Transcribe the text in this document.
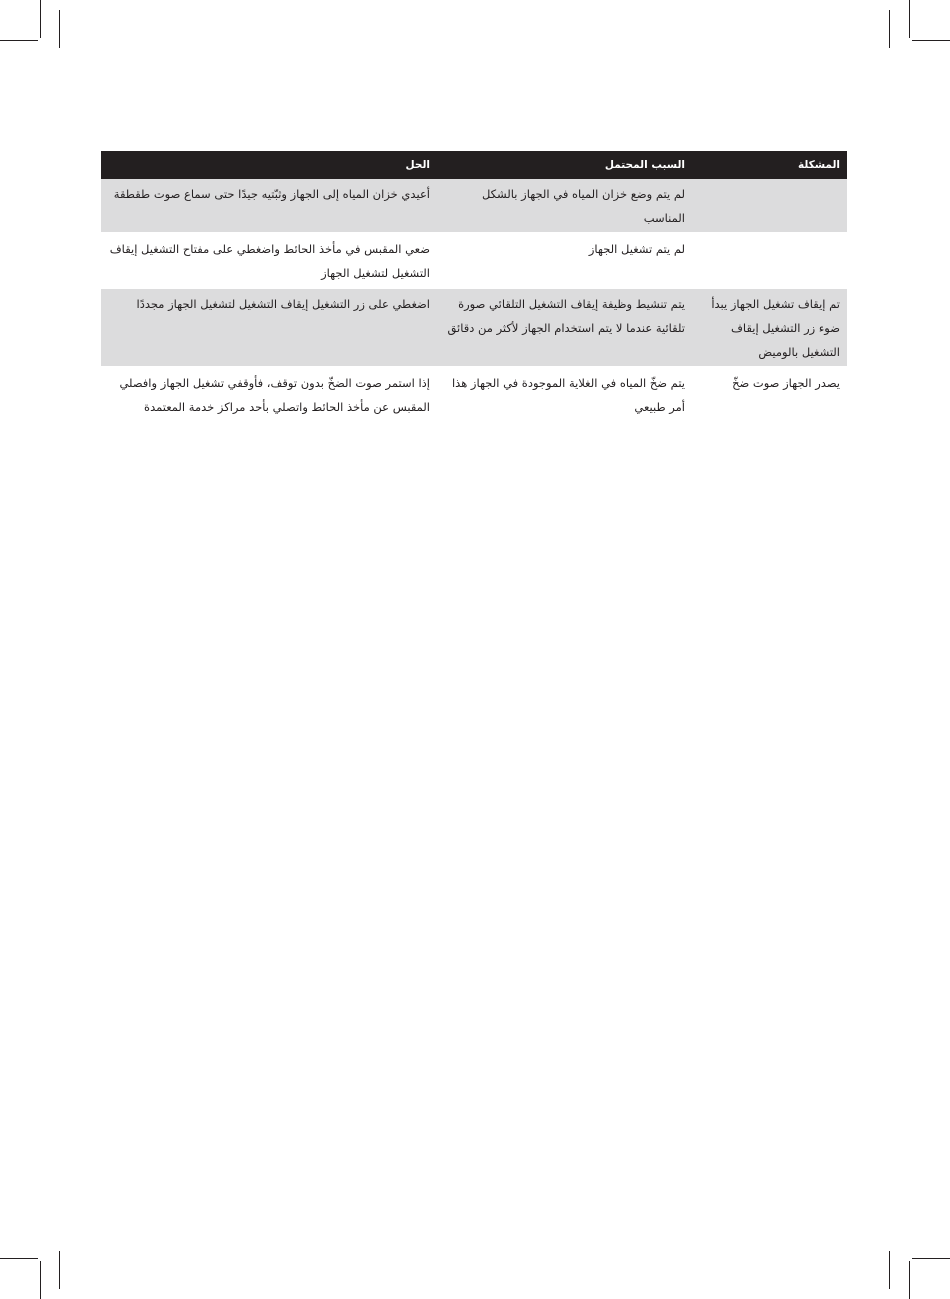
المشكلة	السبب المحتمل	الحل
	لم يتم وضع خزان المياه في الجهاز بالشكل المناسب	أعيدي خزان المياه إلى الجهاز وثبّتيه جيدًا حتى سماع صوت طقطقة
	لم يتم تشغيل الجهاز	ضعي المقبس في مأخذ الحائط واضغطي على مفتاح التشغيل إيقاف التشغيل لتشغيل الجهاز
تم إيقاف تشغيل الجهاز يبدأ ضوء زر التشغيل إيقاف التشغيل بالوميض	يتم تنشيط وظيفة إيقاف التشغيل التلقائي صورة تلقائية عندما لا يتم استخدام الجهاز لأكثر من دقائق	اضغطي على زر التشغيل إيقاف التشغيل لتشغيل الجهاز مجددًا
يصدر الجهاز صوت ضخّ	يتم ضخّ المياه في الغلاية الموجودة في الجهاز هذا أمر طبيعي	إذا استمر صوت الضخّ بدون توقف، فأوقفي تشغيل الجهاز وافصلي المقبس عن مأخذ الحائط واتصلي بأحد مراكز خدمة المعتمدة
